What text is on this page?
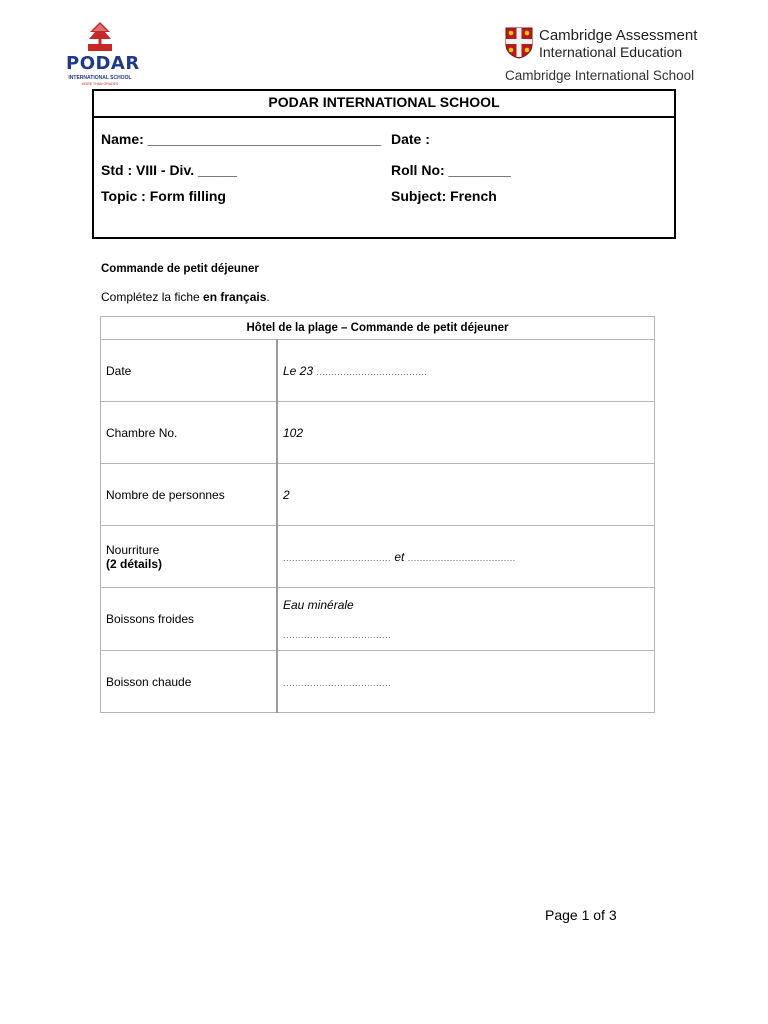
PODAR
INTERNATIONAL SCHOOL
MORE THAN GRADES
Cambridge Assessment
International Education
Cambridge International School
PODAR INTERNATIONAL SCHOOL
Name: ______________________________ Date :
Std : VIII - Div. _____	Roll No: ________
Topic : Form filling	Subject: French
Commande de petit déjeuner
Complétez la fiche en français.
Hôtel de la plage – Commande de petit déjeuner	
Date	Le 23 .....................................
Chambre No.	102
Nombre de personnes	2

Nourriture
(2 détails)	.................................... et ....................................
Boissons froides	Eau minérale
....................................

Boisson chaude	....................................
Page 1 of 3
